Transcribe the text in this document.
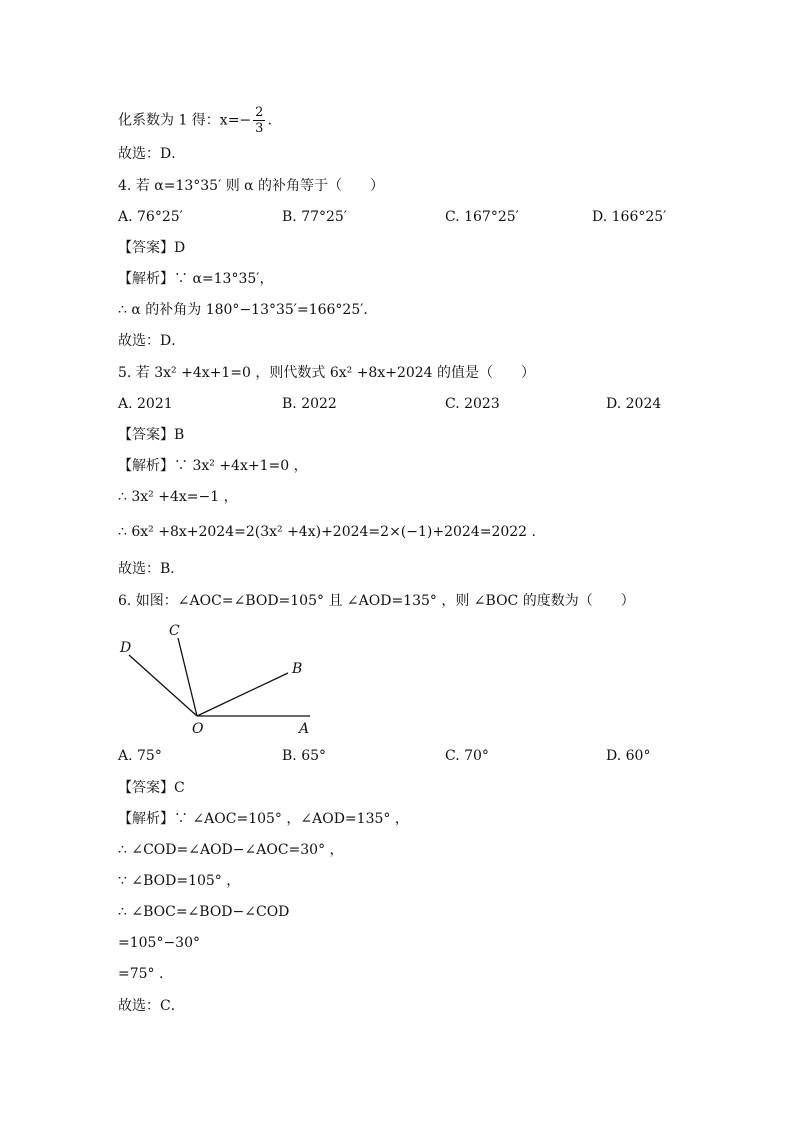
化系数为 1 得：$x=- \frac{2}{3}$ .
故选：D．
4. 若 α=13°35′ 则 α 的补角等于（　　）
A. 76°25′	B. 77°25′	C. 167°25′	D. 166°25′
【答案】D
【解析】∵ α=13°35′，
∴ α 的补角为 180°−13°35′=166°25′．
故选：D．
5. 若 3x² +4x+1=0 ，则代数式 6x² +8x+2024 的值是（　　）
A. 2021	B. 2022	C. 2023	D. 2024
【答案】B
【解析】∵ 3x² +4x+1=0 ，
∴ 3x² +4x=−1 ，
∴ 6x² +8x+2024=2(3x² +4x)+2024=2×(−1)+2024=2022 .
故选：B．
6. 如图：∠AOC=∠BOD=105° 且 ∠AOD=135° ，则 ∠BOC 的度数为（　　）
D
C
B
O	A
A. 75°	B. 65°	C. 70°	D. 60°
【答案】C
【解析】∵ ∠AOC=105° ，∠AOD=135° ，
∴ ∠COD=∠AOD−∠AOC=30° ，
∵ ∠BOD=105° ，
∴ ∠BOC=∠BOD−∠COD
=105°−30°
=75° .
故选：C．
